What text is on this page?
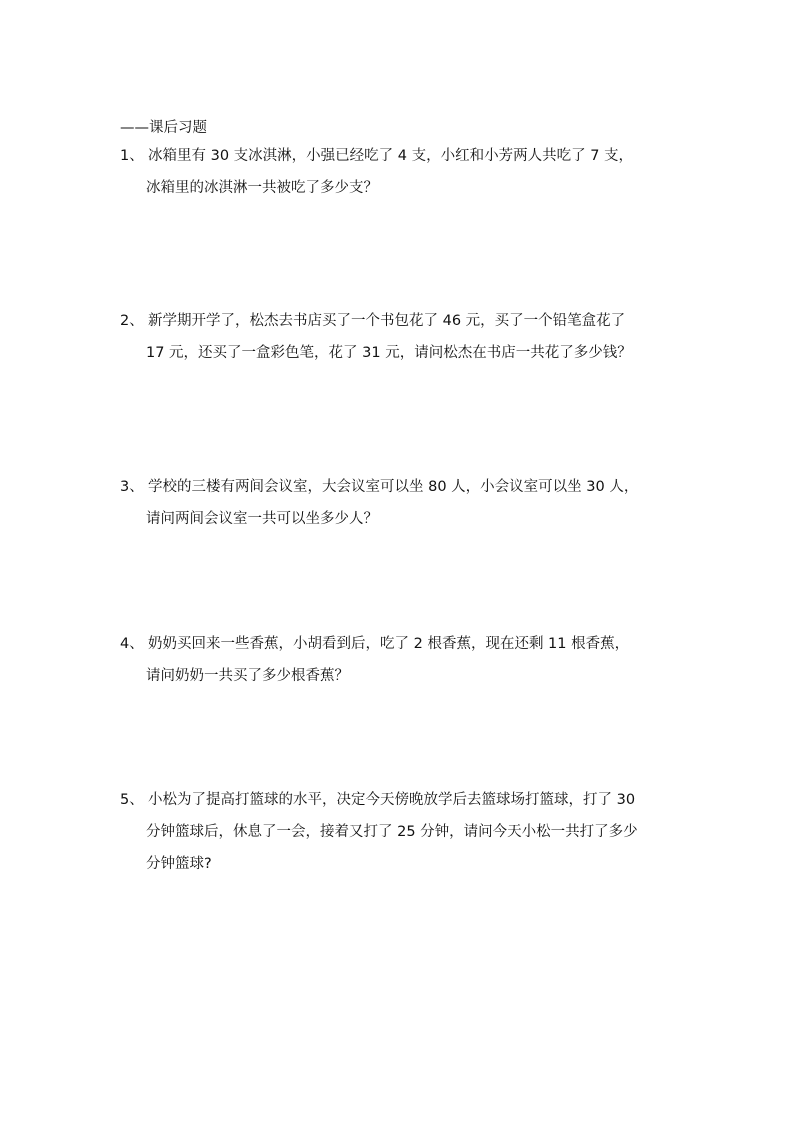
——课后习题
1、 冰箱里有 30 支冰淇淋，小强已经吃了 4 支，小红和小芳两人共吃了 7 支，
冰箱里的冰淇淋一共被吃了多少支？
2、 新学期开学了，松杰去书店买了一个书包花了 46 元，买了一个铅笔盒花了
17 元，还买了一盒彩色笔，花了 31 元，请问松杰在书店一共花了多少钱？
3、 学校的三楼有两间会议室，大会议室可以坐 80 人，小会议室可以坐 30 人，
请问两间会议室一共可以坐多少人？
4、 奶奶买回来一些香蕉，小胡看到后，吃了 2 根香蕉，现在还剩 11 根香蕉，
请问奶奶一共买了多少根香蕉？
5、 小松为了提高打篮球的水平，决定今天傍晚放学后去篮球场打篮球，打了 30
分钟篮球后，休息了一会，接着又打了 25 分钟，请问今天小松一共打了多少
分钟篮球?
